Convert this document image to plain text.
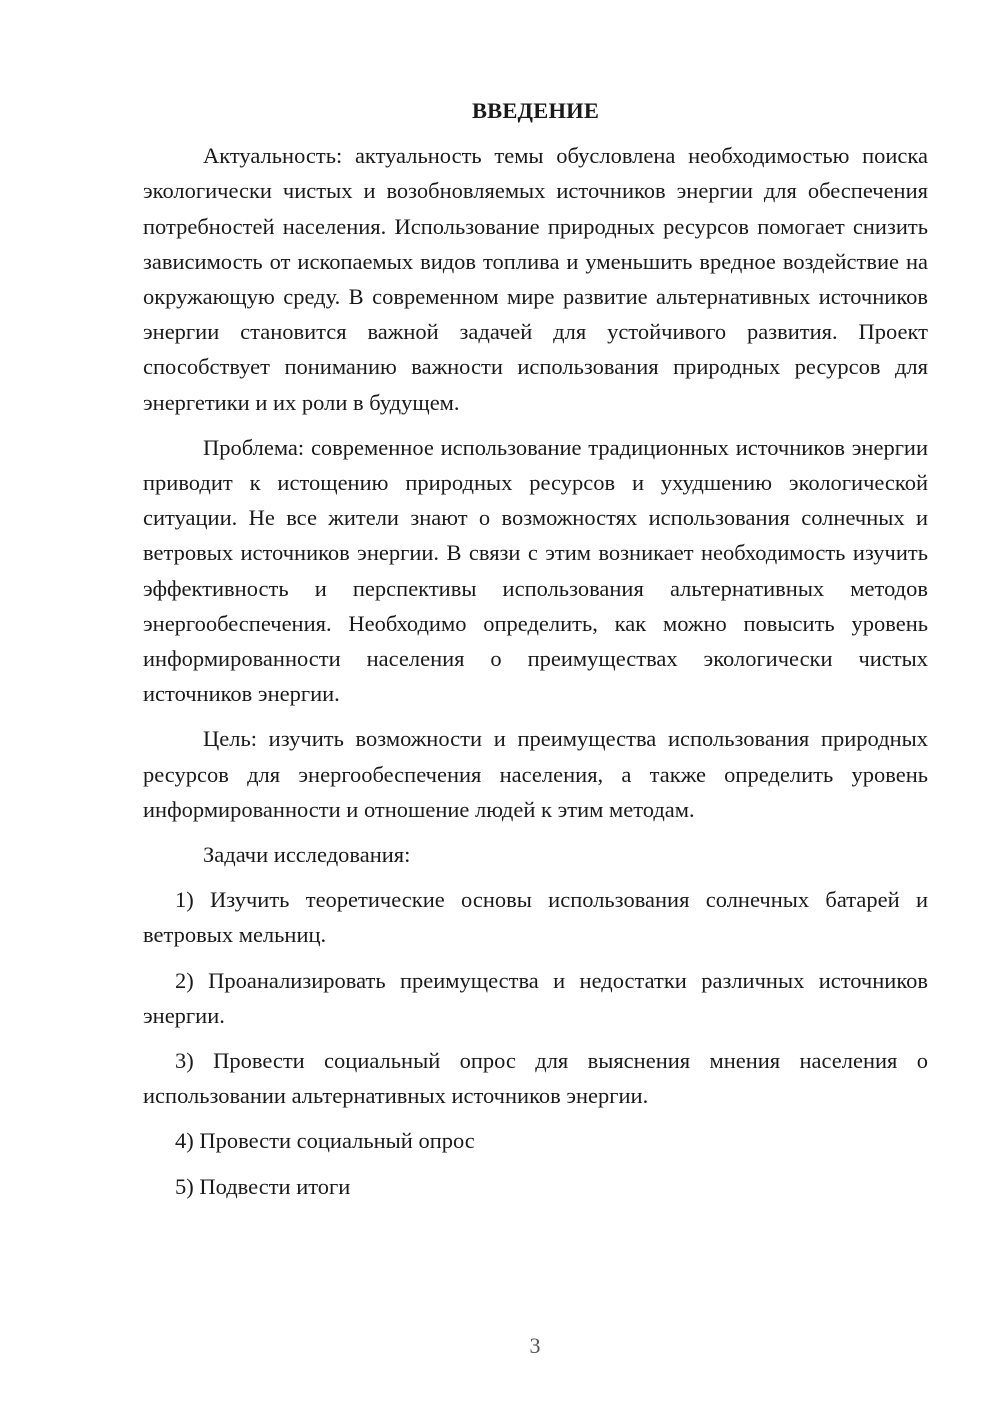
ВВЕДЕНИЕ

Актуальность: актуальность темы обусловлена необходимостью поиска экологически чистых и возобновляемых источников энергии для обеспечения потребностей населения. Использование природных ресурсов помогает снизить зависимость от ископаемых видов топлива и уменьшить вредное воздействие на окружающую среду. В современном мире развитие альтернативных источников энергии становится важной задачей для устойчивого развития. Проект способствует пониманию важности использования природных ресурсов для энергетики и их роли в будущем.

Проблема: современное использование традиционных источников энергии приводит к истощению природных ресурсов и ухудшению экологической ситуации. Не все жители знают о возможностях использования солнечных и ветровых источников энергии. В связи с этим возникает необходимость изучить эффективность и перспективы использования альтернативных методов энергообеспечения. Необходимо определить, как можно повысить уровень информированности населения о преимуществах экологически чистых источников энергии.

Цель: изучить возможности и преимущества использования природных ресурсов для энергообеспечения населения, а также определить уровень информированности и отношение людей к этим методам.

Задачи исследования:

1) Изучить теоретические основы использования солнечных батарей и ветровых мельниц.

2) Проанализировать преимущества и недостатки различных источников энергии.

3) Провести социальный опрос для выяснения мнения населения о использовании альтернативных источников энергии.

4) Провести социальный опрос

5) Подвести итоги

3
